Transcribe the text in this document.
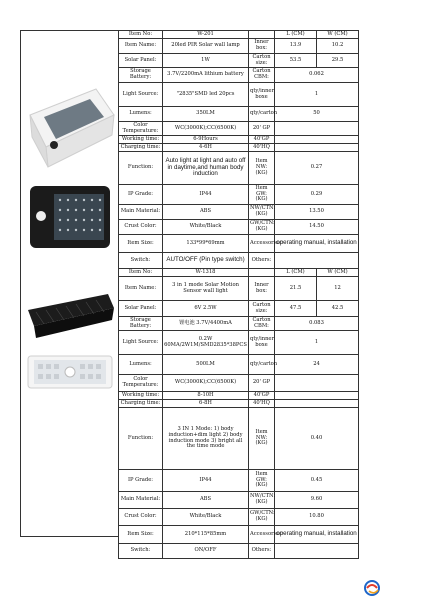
Item No:	W-201		L (CM)	W (CM)
Item Name:	20led PIR Solar wall lamp	Inner box:	13.9	10.2
Solar Panel:	1W	Carton size:	53.5	29.5
Storage Battery:	3.7V/2200mA lithium battery	Carton CBM:	0.062	
Light Source:	"2835"SMD led 20pcs	qty/inner boxe	1	
Lumens:	350LM	qty/carton	50	
Color Temperature:	WC(3000K);CC(6500K)	20' GP		
Working time:	6-9Hours	40'GP		
Charging time:	4-6H	40'HQ		
Function:	Auto light at light and auto off in daytime,and human body induction	Item NW: (KG)	0.27	
IP Grade:	IP44	Item GW: (KG)	0.29	
Main Material:	ABS	NW/CTN: (KG)	13.50	
Crust Color:	White/Black	GW/CTN: (KG)	14.50	
Item Size:	133*99*69mm	Accessories:	operating manual, installation	
Switch:	AUTO/OFF (Pin type switch)	Others:		
Item No:	W-1318		L (CM)	W (CM)
Item Name:	3 in 1 mode Solar Motion Sensor wall light	Inner box:	21.5	12
Solar Panel:	6V 2.5W	Carton size:	47.5	42.5
Storage Battery:	锂电池 3.7V/4400mA	Carton CBM:	0.083	
Light Source:	0.2W 60MA/2W1M/SMD2835*38PCS	qty/inner boxe	1	
Lumens:	500LM	qty/carton	24	
Color Temperature:	WC(3000K);CC(6500K)	20' GP		
Working time:	8-10H	40'GP		
Charging time:	6-8H	40'HQ		
Function:	3 IN 1 Mode: 1) body induction+dim light 2) body induction mode 3) bright all the time mode	Item NW: (KG)	0.40	
IP Grade:	IP44	Item GW: (KG)	0.45	
Main Material:	ABS	NW/CTN: (KG)	9.60	
Crust Color:	White/Black	GW/CTN: (KG)	10.80	
Item Size:	210*115*85mm	Accessories:	operating manual, installation	
Switch:	ON/OFF	Others:		
